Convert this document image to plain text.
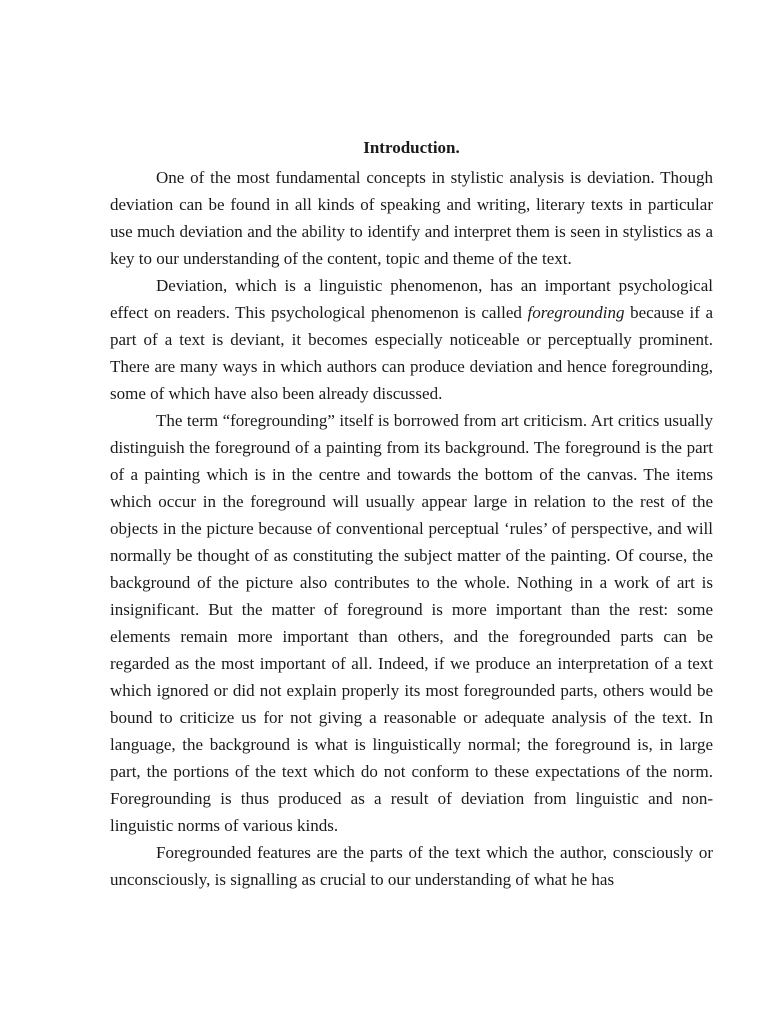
Introduction.

One of the most fundamental concepts in stylistic analysis is deviation. Though deviation can be found in all kinds of speaking and writing, literary texts in particular use much deviation and the ability to identify and interpret them is seen in stylistics as a key to our understanding of the content, topic and theme of the text.

Deviation, which is a linguistic phenomenon, has an important psychological effect on readers. This psychological phenomenon is called foregrounding because if a part of a text is deviant, it becomes especially noticeable or perceptually prominent. There are many ways in which authors can produce deviation and hence foregrounding, some of which have also been already discussed.

The term “foregrounding” itself is borrowed from art criticism. Art critics usually distinguish the foreground of a painting from its background. The foreground is the part of a painting which is in the centre and towards the bottom of the canvas. The items which occur in the foreground will usually appear large in relation to the rest of the objects in the picture because of conventional perceptual ‘rules’ of perspective, and will normally be thought of as constituting the subject matter of the painting. Of course, the background of the picture also contributes to the whole. Nothing in a work of art is insignificant. But the matter of foreground is more important than the rest: some elements remain more important than others, and the foregrounded parts can be regarded as the most important of all. Indeed, if we produce an interpretation of a text which ignored or did not explain properly its most foregrounded parts, others would be bound to criticize us for not giving a reasonable or adequate analysis of the text. In language, the background is what is linguistically normal; the foreground is, in large part, the portions of the text which do not conform to these expectations of the norm. Foregrounding is thus produced as a result of deviation from linguistic and non-linguistic norms of various kinds.

Foregrounded features are the parts of the text which the author, consciously or unconsciously, is signalling as crucial to our understanding of what he has
